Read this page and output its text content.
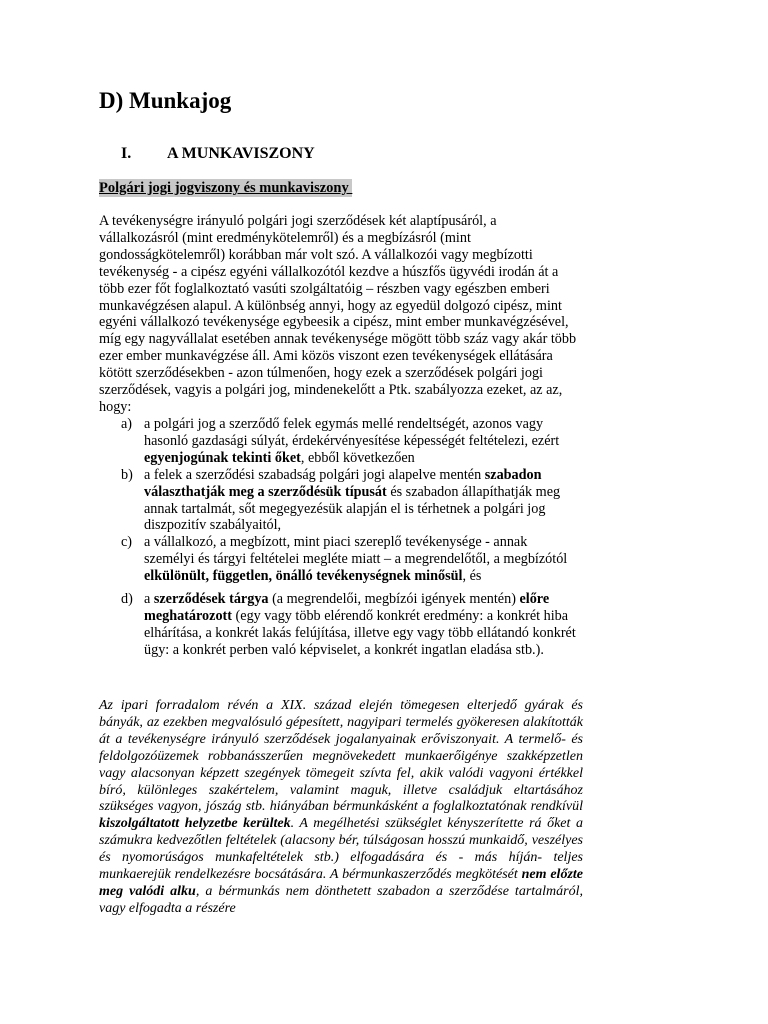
D) Munkajog
I. A MUNKAVISZONY
Polgári jogi jogviszony és munkaviszony

A tevékenységre irányuló polgári jogi szerződések két alaptípusáról, a vállalkozásról (mint eredménykötelemről) és a megbízásról (mint gondosságkötelemről) korábban már volt szó. A vállalkozói vagy megbízotti tevékenység - a cipész egyéni vállalkozótól kezdve a húszfős ügyvédi irodán át a több ezer főt foglalkoztató vasúti szolgáltatóig – részben vagy egészben emberi munkavégzésen alapul. A különbség annyi, hogy az egyedül dolgozó cipész, mint egyéni vállalkozó tevékenysége egybeesik a cipész, mint ember munkavégzésével, míg egy nagyvállalat esetében annak tevékenysége mögött több száz vagy akár több ezer ember munkavégzése áll. Ami közös viszont ezen tevékenységek ellátására kötött szerződésekben - azon túlmenően, hogy ezek a szerződések polgári jogi szerződések, vagyis a polgári jog, mindenekelőtt a Ptk. szabályozza ezeket, az az, hogy:

a) a polgári jog a szerződő felek egymás mellé rendeltségét, azonos vagy hasonló gazdasági súlyát, érdekérvényesítése képességét feltételezi, ezért egyenjogúnak tekinti őket, ebből következően
b) a felek a szerződési szabadság polgári jogi alapelve mentén szabadon választhatják meg a szerződésük típusát és szabadon állapíthatják meg annak tartalmát, sőt megegyezésük alapján el is térhetnek a polgári jog diszpozitív szabályaitól,
c) a vállalkozó, a megbízott, mint piaci szereplő tevékenysége - annak személyi és tárgyi feltételei megléte miatt – a megrendelőtől, a megbízótól elkülönült, független, önálló tevékenységnek minősül, és
d) a szerződések tárgya (a megrendelői, megbízói igények mentén) előre meghatározott (egy vagy több elérendő konkrét eredmény: a konkrét hiba elhárítása, a konkrét lakás felújítása, illetve egy vagy több ellátandó konkrét ügy: a konkrét perben való képviselet, a konkrét ingatlan eladása stb.).

Az ipari forradalom révén a XIX. század elején tömegesen elterjedő gyárak és bányák, az ezekben megvalósuló gépesített, nagyipari termelés gyökeresen alakították át a tevékenységre irányuló szerződések jogalanyainak erőviszonyait. A termelő- és feldolgozóüzemek robbanásszerűen megnövekedett munkaerőigénye szakképzetlen vagy alacsonyan képzett szegények tömegeit szívta fel, akik valódi vagyoni értékkel bíró, különleges szakértelem, valamint maguk, illetve családjuk eltartásához szükséges vagyon, jószág stb. hiányában bérmunkásként a foglalkoztatónak rendkívül kiszolgáltatott helyzetbe kerültek. A megélhetési szükséglet kényszerítette rá őket a számukra kedvezőtlen feltételek (alacsony bér, túlságosan hosszú munkaidő, veszélyes és nyomorúságos munkafeltételek stb.) elfogadására és - más híján- teljes munkaerejük rendelkezésre bocsátására. A bérmunkaszerződés megkötését nem előzte meg valódi alku, a bérmunkás nem dönthetett szabadon a szerződése tartalmáról, vagy elfogadta a részére
